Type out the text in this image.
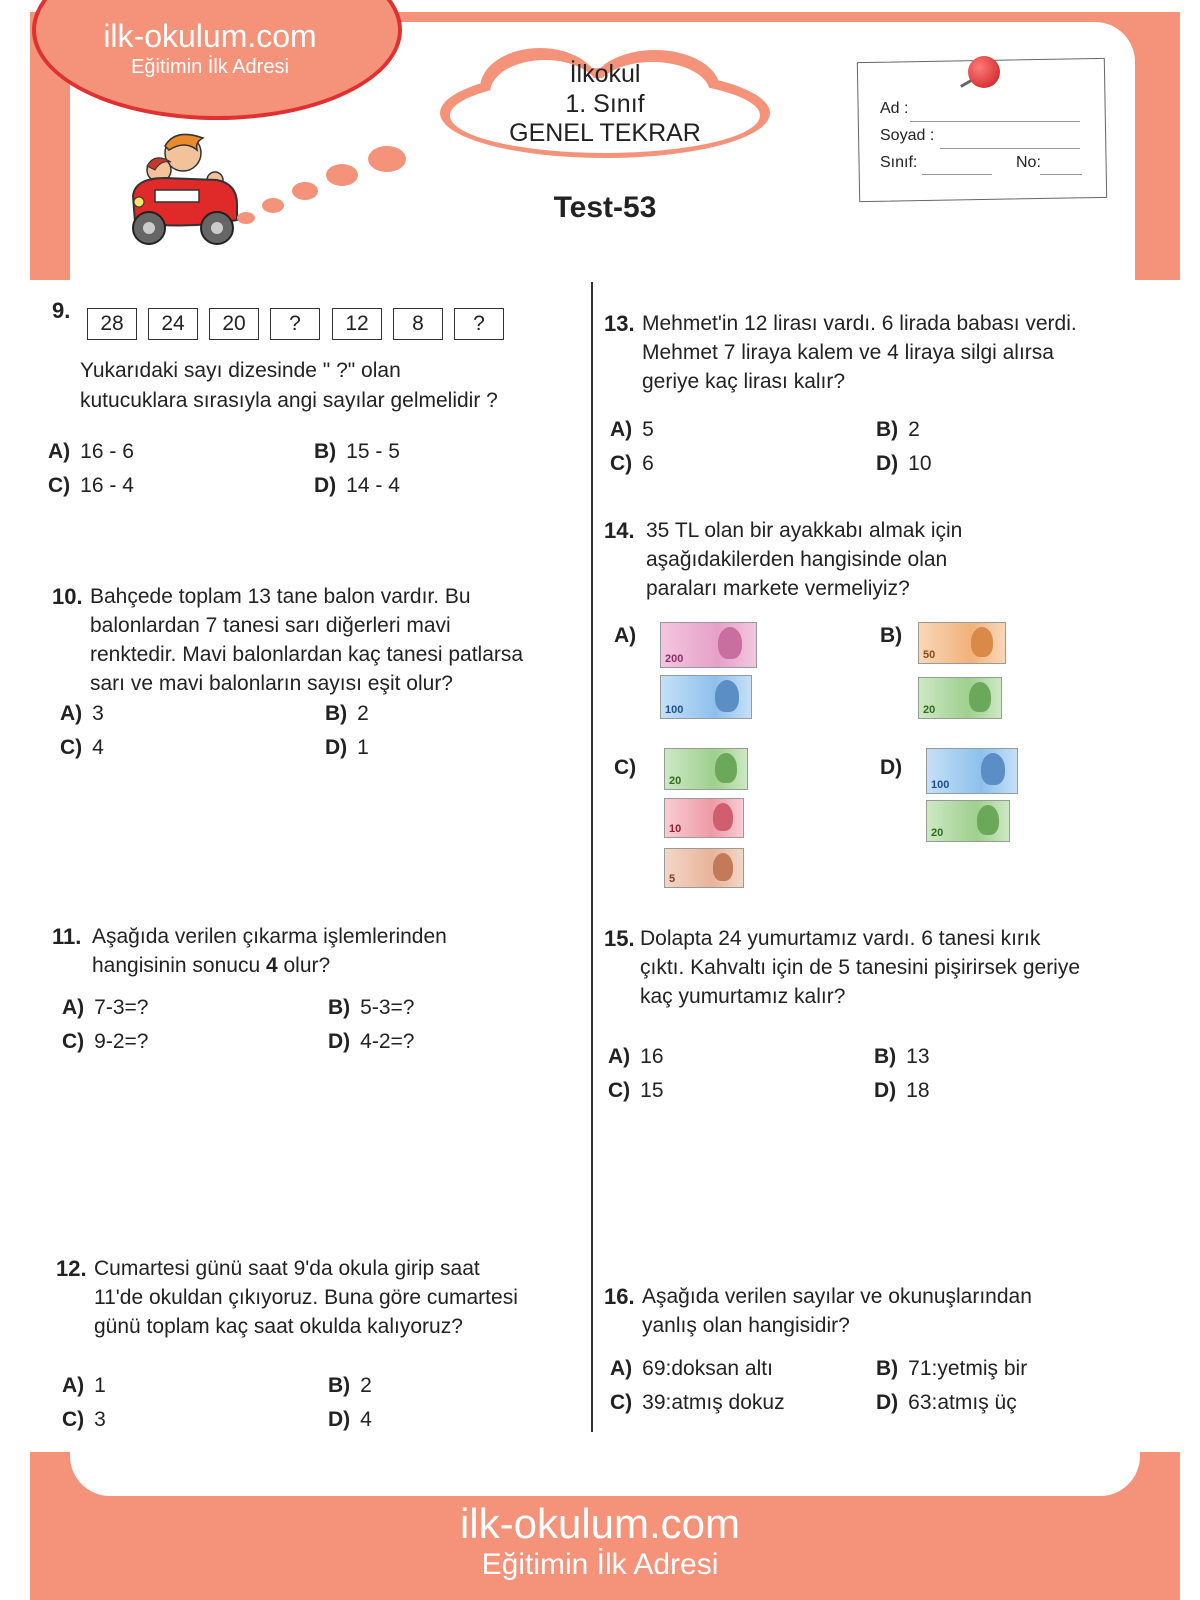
ilk-okulum.com
Eğitimin İlk Adresi	İlkokul
1. Sınıf
GENEL TEKRAR
Test-53
Ad :
Soyad :
Sınıf:	No:
9.
28	24	20	?	12	8	?
Yukarıdaki sayı dizesinde " ?" olan
kutucuklara sırasıyla angi sayılar gelmelidir ?
A) 16 - 6	B) 15 - 5
C) 16 - 4	D) 14 - 4
10. Bahçede toplam 13 tane balon vardır. Bu
balonlardan 7 tanesi sarı diğerleri mavi
renktedir. Mavi balonlardan kaç tanesi patlarsa
sarı ve mavi balonların sayısı eşit olur?
A) 3	B) 2
C) 4	D) 1
11. Aşağıda verilen çıkarma işlemlerinden
hangisinin sonucu 4 olur?
A) 7-3=?	B) 5-3=?
C) 9-2=?	D) 4-2=?
12. Cumartesi günü saat 9'da okula girip saat
11'de okuldan çıkıyoruz. Buna göre cumartesi
günü toplam kaç saat okulda kalıyoruz?
A) 1	B) 2
C) 3	D) 4
13. Mehmet'in 12 lirası vardı. 6 lirada babası verdi.
Mehmet 7 liraya kalem ve 4 liraya silgi alırsa
geriye kaç lirası kalır?
A) 5	B) 2
C) 6	D) 10
14. 35 TL olan bir ayakkabı almak için
aşağıdakilerden hangisinde olan
paraları markete vermeliyiz?
A)	B)
C)	D)
200
100
50
20
20
10
5
100
20
15. Dolapta 24 yumurtamız vardı. 6 tanesi kırık
çıktı. Kahvaltı için de 5 tanesini pişirirsek geriye
kaç yumurtamız kalır?
A) 16	B) 13
C) 15	D) 18
16. Aşağıda verilen sayılar ve okunuşlarından
yanlış olan hangisidir?
A) 69:doksan altı	B) 71:yetmiş bir
C) 39:atmış dokuz	D) 63:atmış üç
ilk-okulum.com
Eğitimin İlk Adresi
